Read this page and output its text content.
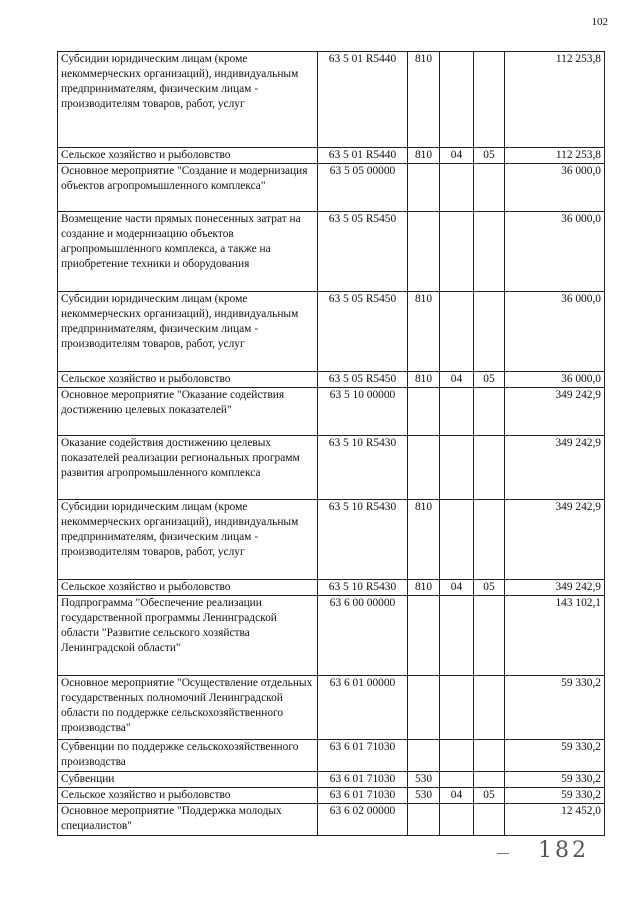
102
Субсидии юридическим лицам (кроме некоммерческих организаций), индивидуальным предпринимателям, физическим лицам - производителям товаров, работ, услуг	63 5 01 R5440	810			112 253,8
Сельское хозяйство и рыболовство	63 5 01 R5440	810	04	05	112 253,8
Основное мероприятие "Создание и модернизация объектов агропромышленного комплекса"	63 5 05 00000				36 000,0
Возмещение части прямых понесенных затрат на создание и модернизацию объектов агропромышленного комплекса, а также на приобретение техники и оборудования	63 5 05 R5450				36 000,0
Субсидии юридическим лицам (кроме некоммерческих организаций), индивидуальным предпринимателям, физическим лицам - производителям товаров, работ, услуг	63 5 05 R5450	810			36 000,0
Сельское хозяйство и рыболовство	63 5 05 R5450	810	04	05	36 000,0
Основное мероприятие "Оказание содействия достижению целевых показателей"	63 5 10 00000				349 242,9
Оказание содействия достижению целевых показателей реализации региональных программ развития агропромышленного комплекса	63 5 10 R5430				349 242,9
Субсидии юридическим лицам (кроме некоммерческих организаций), индивидуальным предпринимателям, физическим лицам - производителям товаров, работ, услуг	63 5 10 R5430	810			349 242,9
Сельское хозяйство и рыболовство	63 5 10 R5430	810	04	05	349 242,9
Подпрограмма "Обеспечение реализации государственной программы Ленинградской области "Развитие сельского хозяйства Ленинградской области"	63 6 00 00000				143 102,1
Основное мероприятие "Осуществление отдельных государственных полномочий Ленинградской области по поддержке сельскохозяйственного производства"	63 6 01 00000				59 330,2
Субвенции по поддержке сельскохозяйственного производства	63 6 01 71030				59 330,2
Субвенции	63 6 01 71030	530			59 330,2
Сельское хозяйство и рыболовство	63 6 01 71030	530	04	05	59 330,2
Основное мероприятие "Поддержка молодых специалистов"	63 6 02 00000				12 452,0
182
